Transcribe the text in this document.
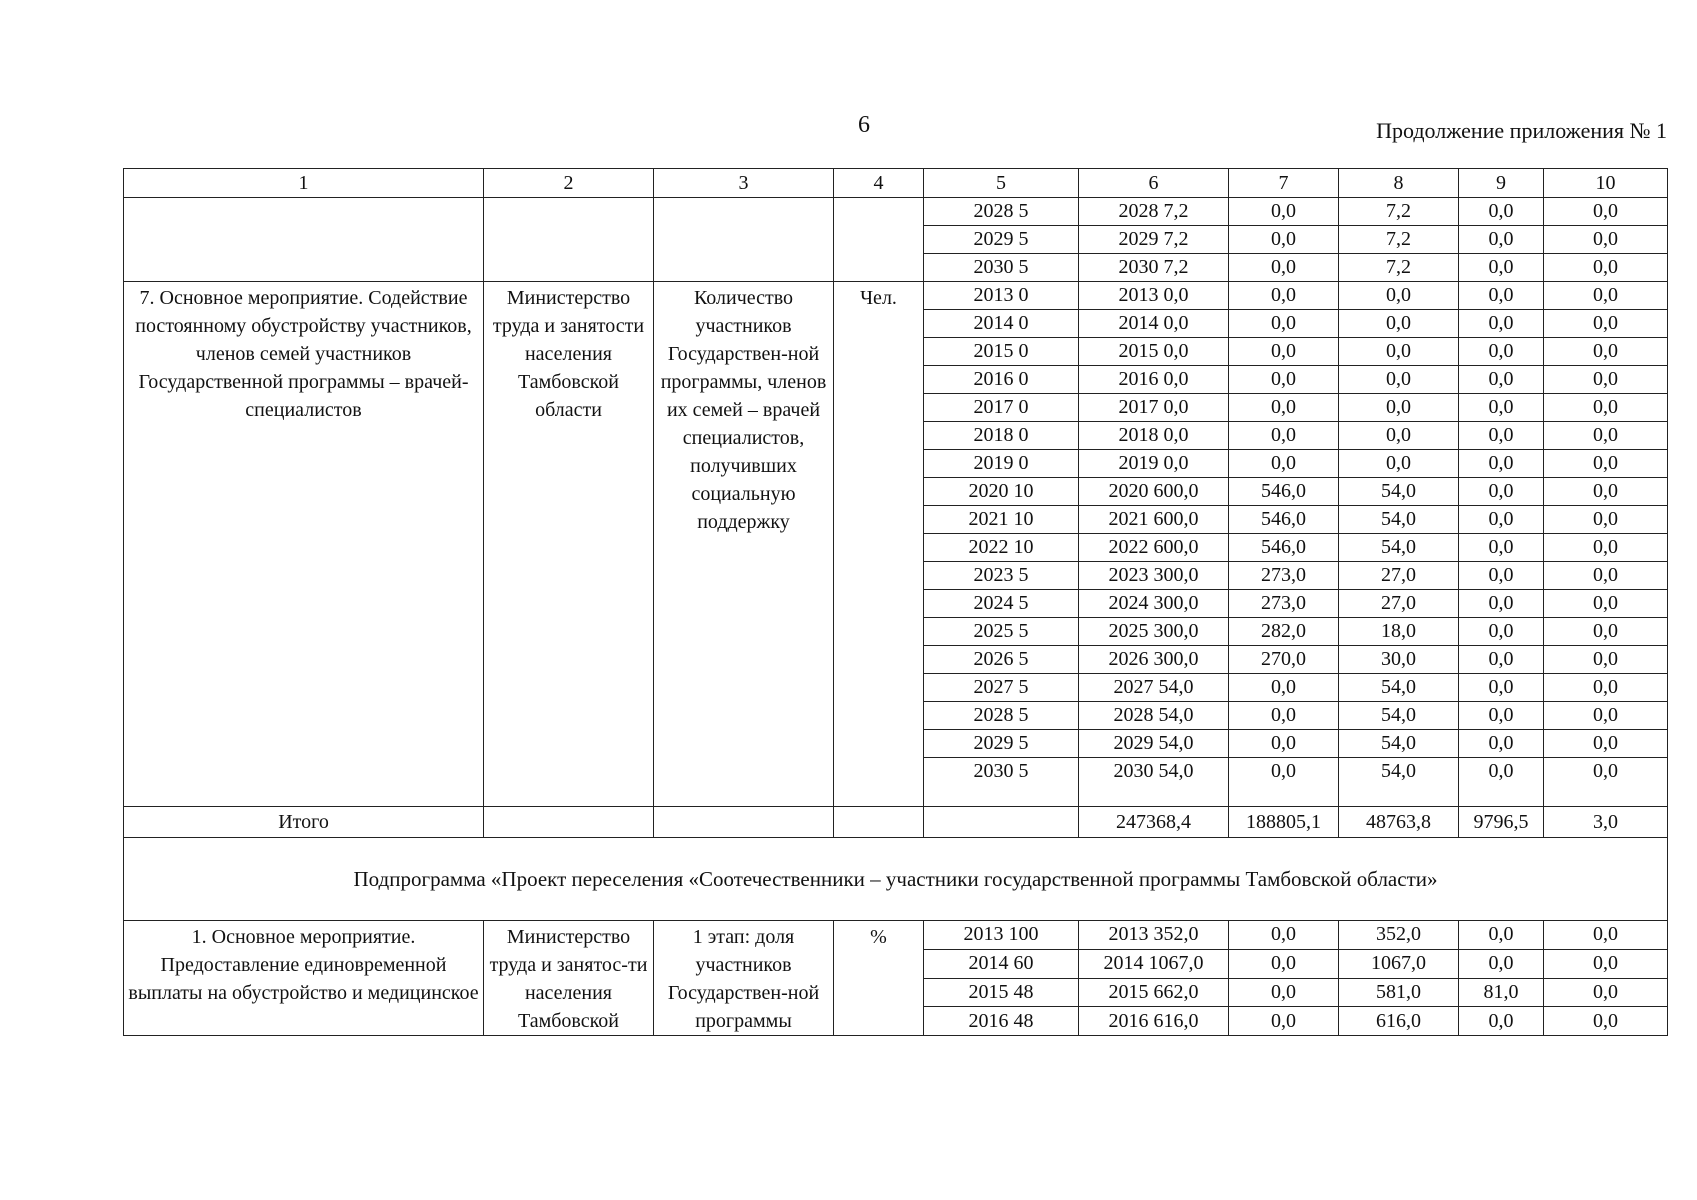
6	Продолжение приложения № 1
1	2	3	4	5	6	7	8	9	10
				2028 5	2028 7,2	0,0	7,2	0,0	0,0
				2029 5	2029 7,2	0,0	7,2	0,0	0,0
				2030 5	2030 7,2	0,0	7,2	0,0	0,0
7. Основное мероприятие. Содействие постоянному обустройству участников, членов семей участников Государственной программы – врачей-специалистов	Министерство труда и занятости населения Тамбовской области	Количество участников Государствен-ной программы, членов их семей – врачей специалистов, получивших социальную поддержку	Чел.	2013 0	2013 0,0	0,0	0,0	0,0	0,0
				2014 0	2014 0,0	0,0	0,0	0,0	0,0
				2015 0	2015 0,0	0,0	0,0	0,0	0,0
				2016 0	2016 0,0	0,0	0,0	0,0	0,0
				2017 0	2017 0,0	0,0	0,0	0,0	0,0
				2018 0	2018 0,0	0,0	0,0	0,0	0,0
				2019 0	2019 0,0	0,0	0,0	0,0	0,0
				2020 10	2020 600,0	546,0	54,0	0,0	0,0
				2021 10	2021 600,0	546,0	54,0	0,0	0,0
				2022 10	2022 600,0	546,0	54,0	0,0	0,0
				2023 5	2023 300,0	273,0	27,0	0,0	0,0
				2024 5	2024 300,0	273,0	27,0	0,0	0,0
				2025 5	2025 300,0	282,0	18,0	0,0	0,0
				2026 5	2026 300,0	270,0	30,0	0,0	0,0
				2027 5	2027 54,0	0,0	54,0	0,0	0,0
				2028 5	2028 54,0	0,0	54,0	0,0	0,0
				2029 5	2029 54,0	0,0	54,0	0,0	0,0
				2030 5	2030 54,0	0,0	54,0	0,0	0,0
Итого					247368,4	188805,1	48763,8	9796,5	3,0
Подпрограмма «Проект переселения «Соотечественники – участники государственной программы Тамбовской области»									
1. Основное мероприятие. Предоставление единовременной выплаты на обустройство и медицинское	Министерство труда и занятос-ти населения Тамбовской	1 этап: доля участников Государствен-ной программы	%	2013 100	2013 352,0	0,0	352,0	0,0	0,0
				2014 60	2014 1067,0	0,0	1067,0	0,0	0,0
				2015 48	2015 662,0	0,0	581,0	81,0	0,0
				2016 48	2016 616,0	0,0	616,0	0,0	0,0
